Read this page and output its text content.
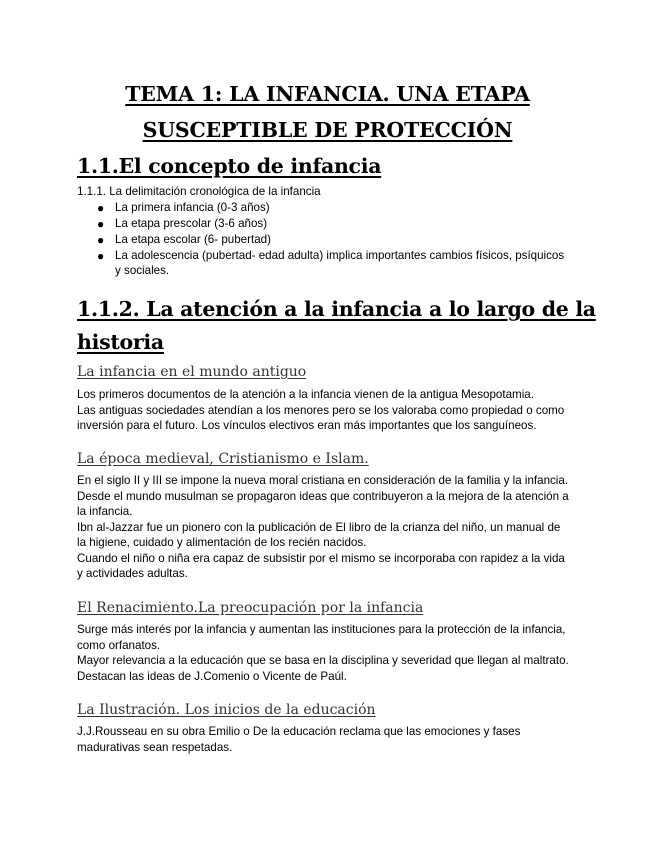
TEMA 1: LA INFANCIA. UNA ETAPA
SUSCEPTIBLE DE PROTECCIÓN
1.1.El concepto de infancia
1.1.1. La delimitación cronológica de la infancia
● La primera infancia (0-3 años)
● La etapa prescolar (3-6 años)
● La etapa escolar (6- pubertad)
● La adolescencia (pubertad- edad adulta) implica importantes cambios físicos, psíquicos
y sociales.
1.1.2. La atención a la infancia a lo largo de la
historia
La infancia en el mundo antiguo
Los primeros documentos de la atención a la infancia vienen de la antigua Mesopotamia.
Las antiguas sociedades atendían a los menores pero se los valoraba como propiedad o como
inversión para el futuro. Los vínculos electivos eran más importantes que los sanguíneos.
La época medieval, Cristianismo e Islam.
En el siglo II y III se impone la nueva moral cristiana en consideración de la familia y la infancia.
Desde el mundo musulman se propagaron ideas que contribuyeron a la mejora de la atención a
la infancia.
Ibn al-Jazzar fue un pionero con la publicación de El libro de la crianza del niño, un manual de
la higiene, cuidado y alimentación de los recién nacidos.
Cuando el niño o niña era capaz de subsistir por el mismo se incorporaba con rapidez a la vida
y actividades adultas.
El Renacimiento.La preocupación por la infancia
Surge más interés por la infancia y aumentan las instituciones para la protección de la infancia,
como orfanatos.
Mayor relevancia a la educación que se basa en la disciplina y severidad que llegan al maltrato.
Destacan las ideas de J.Comenio o Vicente de Paúl.
La Ilustración. Los inicios de la educación
J.J.Rousseau en su obra Emilio o De la educación reclama que las emociones y fases
madurativas sean respetadas.
